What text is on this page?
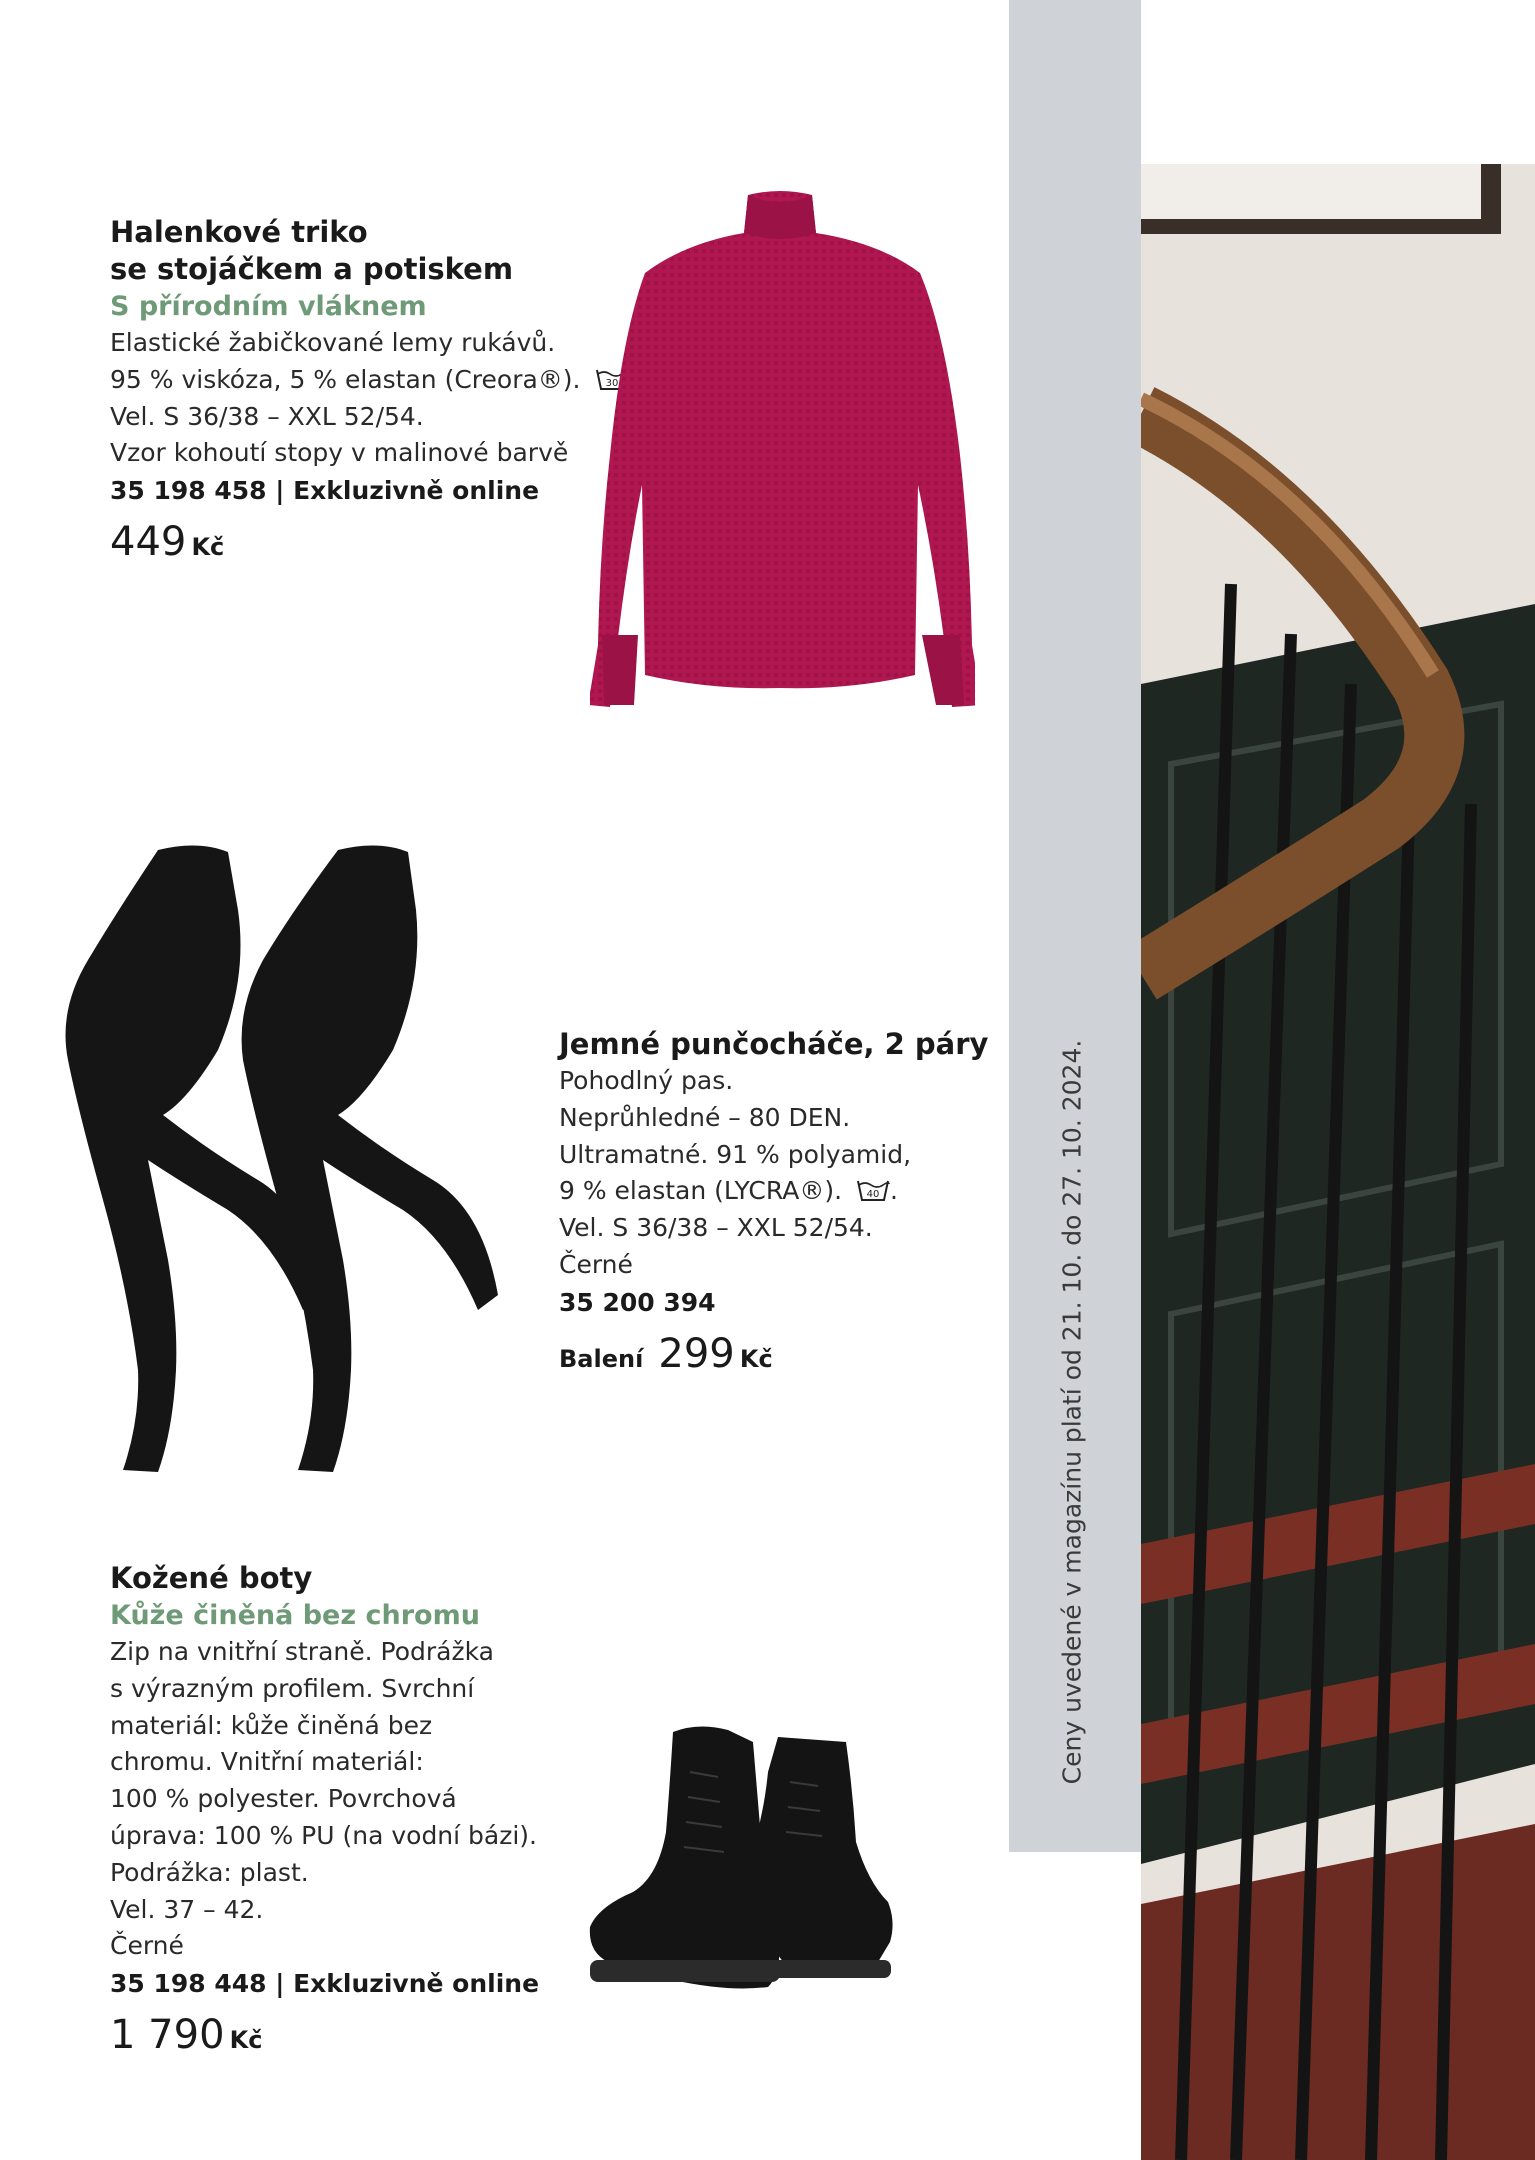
Halenkové triko
se stojáčkem a potiskem
S přírodním vláknem
Elastické žabičkované lemy rukávů.
95 % viskóza, 5 % elastan (Creora®). 30
Vel. S 36/38 – XXL 52/54.
Vzor kohoutí stopy v malinové barvě
35 198 458 | Exkluzivně online
449 Kč
Jemné punčocháče, 2 páry
Pohodlný pas.
Neprůhledné – 80 DEN.
Ultramatné. 91 % polyamid,
9 % elastan (LYCRA®). 40 .
Vel. S 36/38 – XXL 52/54.
Černé
35 200 394
Balení 299 Kč
Kožené boty
Kůže činěná bez chromu
Zip na vnitřní straně. Podrážka
s výrazným profilem. Svrchní
materiál: kůže činěná bez
chromu. Vnitřní materiál:
100 % polyester. Povrchová
úprava: 100 % PU (na vodní bázi).
Podrážka: plast.
Vel. 37 – 42.
Černé
35 198 448 | Exkluzivně online
1 790 Kč
Ceny uvedené v magazínu platí od 21. 10. do 27. 10. 2024.
